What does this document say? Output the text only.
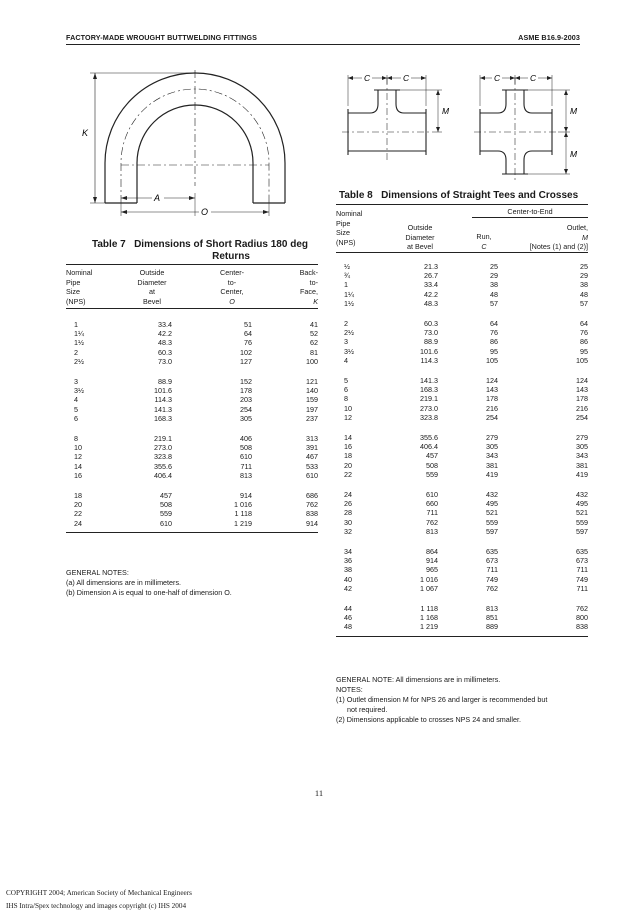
FACTORY-MADE WROUGHT BUTTWELDING FITTINGS	ASME B16.9-2003
K
A
O
C	C
M
C	C
M
M
Table 7 Dimensions of Short Radius 180 deg
Returns
Nominal
Pipe
Size
(NPS)
Outside
Diameter
at
Bevel
Center-
to-
Center,
O
Back-
to-
Face,
K
1	33.4	51	41
1¼	42.2	64	52
1½	48.3	76	62
2	60.3	102	81
2½	73.0	127	100
3	88.9	152	121
3½	101.6	178	140
4	114.3	203	159
5	141.3	254	197
6	168.3	305	237
8	219.1	406	313
10	273.0	508	391
12	323.8	610	467
14	355.6	711	533
16	406.4	813	610
18	457	914	686
20	508	1 016	762
22	559	1 118	838
24	610	1 219	914
GENERAL NOTES:
(a) All dimensions are in millimeters.
(b) Dimension A is equal to one-half of dimension O.
Table 8 Dimensions of Straight Tees and Crosses
Center-to-End
Nominal
Pipe
Size
(NPS)
Outside
Diameter
at Bevel
Run,
C
Outlet,
M
[Notes (1) and (2)]
½	21.3	25	25
¾	26.7	29	29
1	33.4	38	38
1¼	42.2	48	48
1½	48.3	57	57
2	60.3	64	64
2½	73.0	76	76
3	88.9	86	86
3½	101.6	95	95
4	114.3	105	105
5	141.3	124	124
6	168.3	143	143
8	219.1	178	178
10	273.0	216	216
12	323.8	254	254
14	355.6	279	279
16	406.4	305	305
18	457	343	343
20	508	381	381
22	559	419	419
24	610	432	432
26	660	495	495
28	711	521	521
30	762	559	559
32	813	597	597
34	864	635	635
36	914	673	673
38	965	711	711
40	1 016	749	749
42	1 067	762	711
44	1 118	813	762
46	1 168	851	800
48	1 219	889	838
GENERAL NOTE: All dimensions are in millimeters.
NOTES:
(1) Outlet dimension M for NPS 26 and larger is recommended but
not required.
(2) Dimensions applicable to crosses NPS 24 and smaller.
11
COPYRIGHT 2004; American Society of Mechanical Engineers
IHS Intra/Spex technology and images copyright (c) IHS 2004
